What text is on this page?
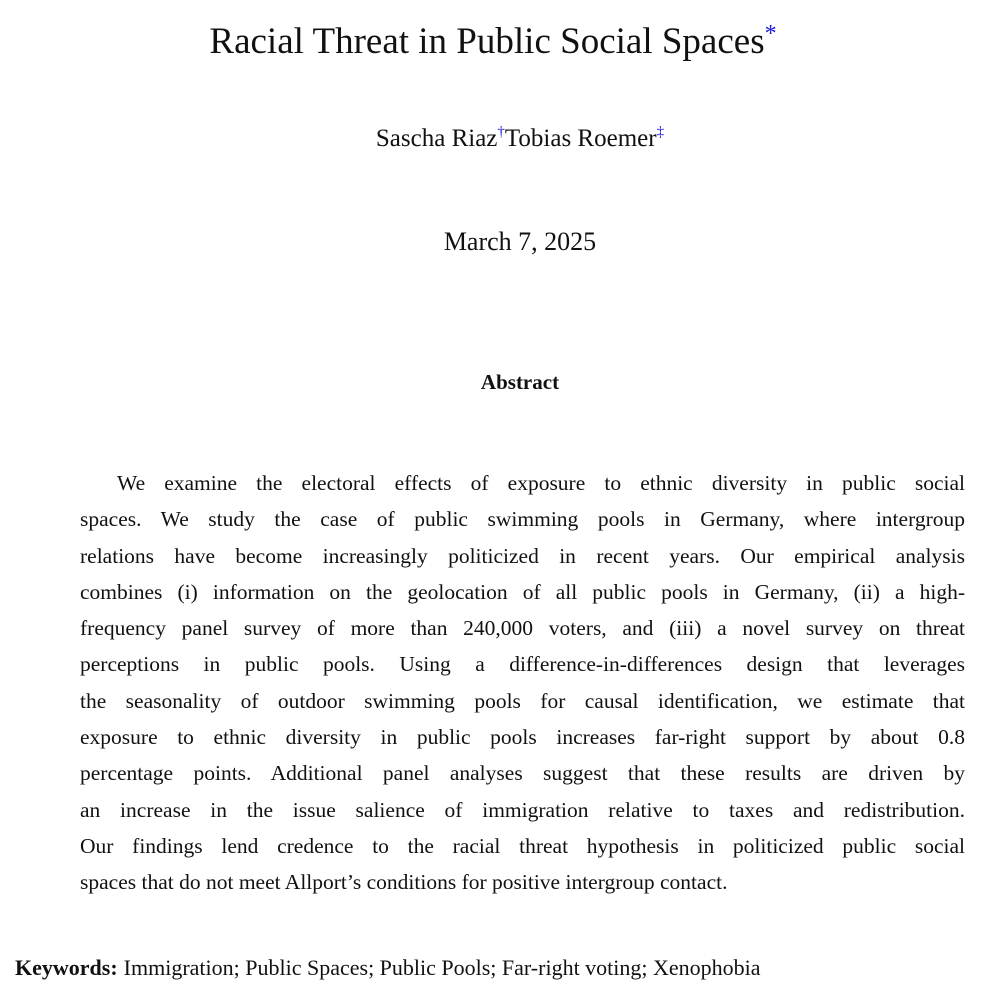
Racial Threat in Public Social Spaces*
Sascha Riaz†Tobias Roemer‡
March 7, 2025
Abstract
We examine the electoral effects of exposure to ethnic diversity in public social
spaces. We study the case of public swimming pools in Germany, where intergroup
relations have become increasingly politicized in recent years. Our empirical analysis
combines (i) information on the geolocation of all public pools in Germany, (ii) a high-
frequency panel survey of more than 240,000 voters, and (iii) a novel survey on threat
perceptions in public pools. Using a difference-in-differences design that leverages
the seasonality of outdoor swimming pools for causal identification, we estimate that
exposure to ethnic diversity in public pools increases far-right support by about 0.8
percentage points. Additional panel analyses suggest that these results are driven by
an increase in the issue salience of immigration relative to taxes and redistribution.
Our findings lend credence to the racial threat hypothesis in politicized public social
spaces that do not meet Allport’s conditions for positive intergroup contact.
Keywords: Immigration; Public Spaces; Public Pools; Far-right voting; Xenophobia
